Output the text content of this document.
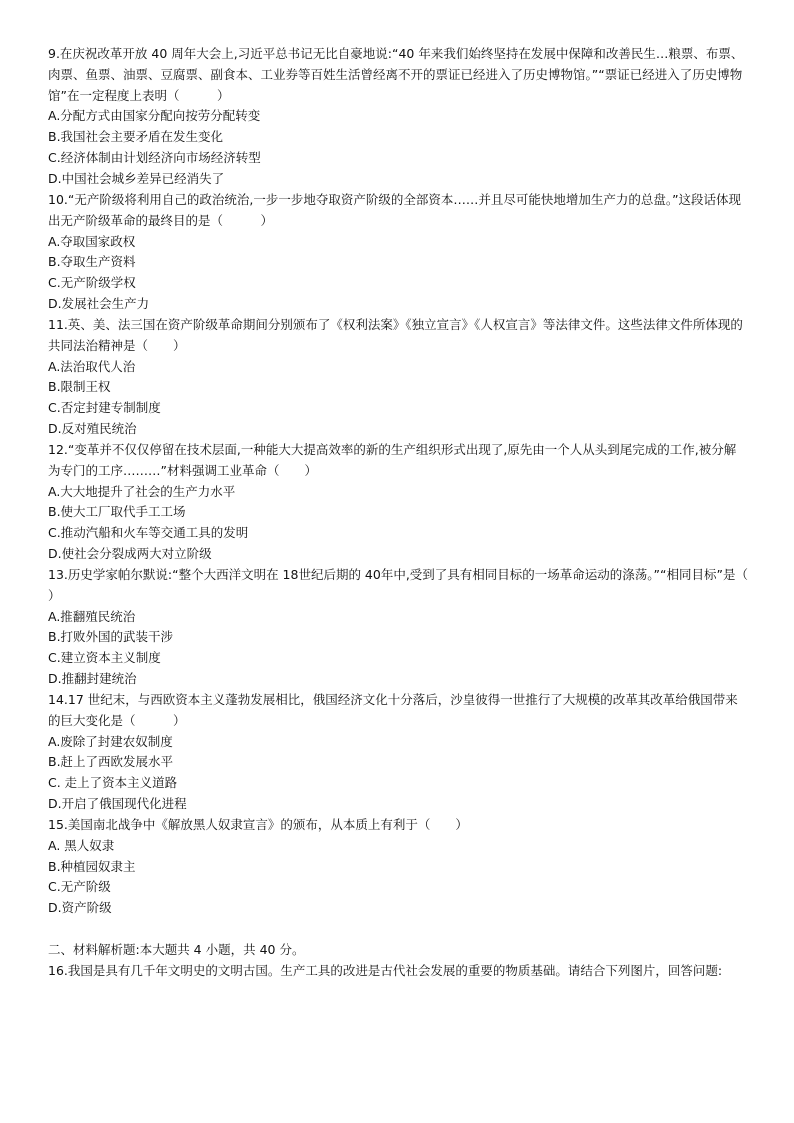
9.在庆祝改革开放 40 周年大会上,习近平总书记无比自豪地说:“40 年来我们始终坚持在发展中保障和改善民生…粮票、布票、肉票、鱼票、油票、豆腐票、副食本、工业券等百姓生活曾经离不开的票证已经进入了历史博物馆。”“票证已经进入了历史博物馆”在一定程度上表明（　　　）
A.分配方式由国家分配向按劳分配转变
B.我国社会主要矛盾在发生变化
C.经济体制由计划经济向市场经济转型
D.中国社会城乡差异已经消失了
10.“无产阶级将利用自己的政治统治,一步一步地夺取资产阶级的全部资本……并且尽可能快地增加生产力的总盘。”这段话体现出无产阶级革命的最终目的是（　　　）
A.夺取国家政权
B.夺取生产资料
C.无产阶级学权
D.发展社会生产力
11.英、美、法三国在资产阶级革命期间分别颁布了《权利法案》《独立宣言》《人权宣言》等法律文件。这些法律文件所体现的共同法治精神是（　　）
A.法治取代人治
B.限制王权
C.否定封建专制制度
D.反对殖民统治
12.“变革并不仅仅停留在技术层面,一种能大大提高效率的新的生产组织形式出现了,原先由一个人从头到尾完成的工作,被分解为专门的工序………”材料强调工业革命（　　）
A.大大地提升了社会的生产力水平
B.使大工厂取代手工工场
C.推动汽船和火车等交通工具的发明
D.使社会分裂成两大对立阶级
13.历史学家帕尔默说:“整个大西洋文明在 18世纪后期的 40年中,受到了具有相同目标的一场革命运动的涤荡。”“相同目标”是（　　　）
A.推翻殖民统治
B.打败外国的武装干涉
C.建立资本主义制度
D.推翻封建统治
14.17 世纪末，与西欧资本主义蓬勃发展相比，俄国经济文化十分落后，沙皇彼得一世推行了大规模的改革其改革给俄国带来的巨大变化是（　　　）
A.废除了封建农奴制度
B.赶上了西欧发展水平
C. 走上了资本主义道路
D.开启了俄国现代化进程
15.美国南北战争中《解放黑人奴隶宣言》的颁布，从本质上有利于（　　）
A. 黑人奴隶
B.种植园奴隶主
C.无产阶级
D.资产阶级
二、材料解析题:本大题共 4 小题，共 40 分。
16.我国是具有几千年文明史的文明古国。生产工具的改进是古代社会发展的重要的物质基础。请结合下列图片，回答问题:
